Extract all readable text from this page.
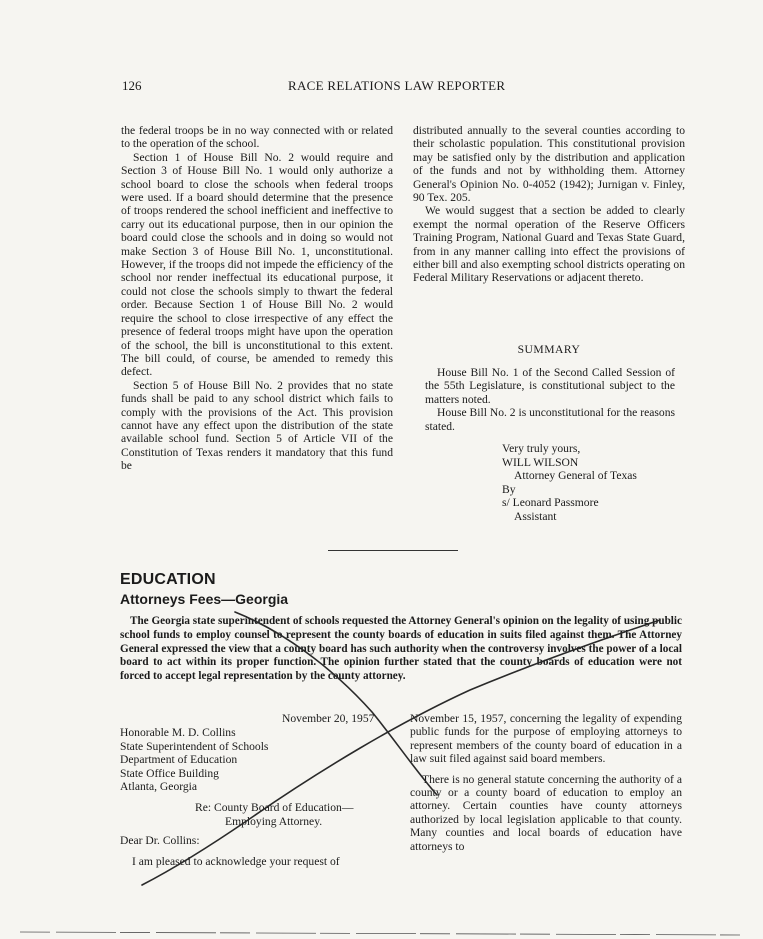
126	RACE RELATIONS LAW REPORTER

the federal troops be in no way connected with or related to the operation of the school.

Section 1 of House Bill No. 2 would require and Section 3 of House Bill No. 1 would only authorize a school board to close the schools when federal troops were used. If a board should determine that the presence of troops rendered the school inefficient and ineffective to carry out its educational purpose, then in our opinion the board could close the schools and in doing so would not make Section 3 of House Bill No. 1, unconstitutional. However, if the troops did not impede the efficiency of the school nor render ineffectual its educational purpose, it could not close the schools simply to thwart the federal order. Because Section 1 of House Bill No. 2 would require the school to close irrespective of any effect the presence of federal troops might have upon the operation of the school, the bill is unconstitutional to this extent. The bill could, of course, be amended to remedy this defect.

Section 5 of House Bill No. 2 provides that no state funds shall be paid to any school district which fails to comply with the provisions of the Act. This provision cannot have any effect upon the distribution of the state available school fund. Section 5 of Article VII of the Constitution of Texas renders it mandatory that this fund be

distributed annually to the several counties according to their scholastic population. This constitutional provision may be satisfied only by the distribution and application of the funds and not by withholding them. Attorney General's Opinion No. 0-4052 (1942); Jurnigan v. Finley, 90 Tex. 205.

We would suggest that a section be added to clearly exempt the normal operation of the Reserve Officers Training Program, National Guard and Texas State Guard, from in any manner calling into effect the provisions of either bill and also exempting school districts operating on Federal Military Reservations or adjacent thereto.

SUMMARY

House Bill No. 1 of the Second Called Session of the 55th Legislature, is constitutional subject to the matters noted.

House Bill No. 2 is unconstitutional for the reasons stated.

Very truly yours,
WILL WILSON
Attorney General of Texas
By
s/ Leonard Passmore
Assistant
EDUCATION
Attorneys Fees—Georgia

The Georgia state superintendent of schools requested the Attorney General's opinion on the legality of using public school funds to employ counsel to represent the county boards of education in suits filed against them. The Attorney General expressed the view that a county board has such authority when the controversy involves the power of a local board to act within its proper function. The opinion further stated that the county boards of education were not forced to accept legal representation by the county attorney.

November 20, 1957
Honorable M. D. Collins
State Superintendent of Schools
Department of Education
State Office Building
Atlanta, Georgia
Re: County Board of Education—
Employing Attorney.
Dear Dr. Collins:

I am pleased to acknowledge your request of

November 15, 1957, concerning the legality of expending public funds for the purpose of employing attorneys to represent members of the county board of education in a law suit filed against said board members.

There is no general statute concerning the authority of a county or a county board of education to employ an attorney. Certain counties have county attorneys authorized by local legislation applicable to that county. Many counties and local boards of education have attorneys to
